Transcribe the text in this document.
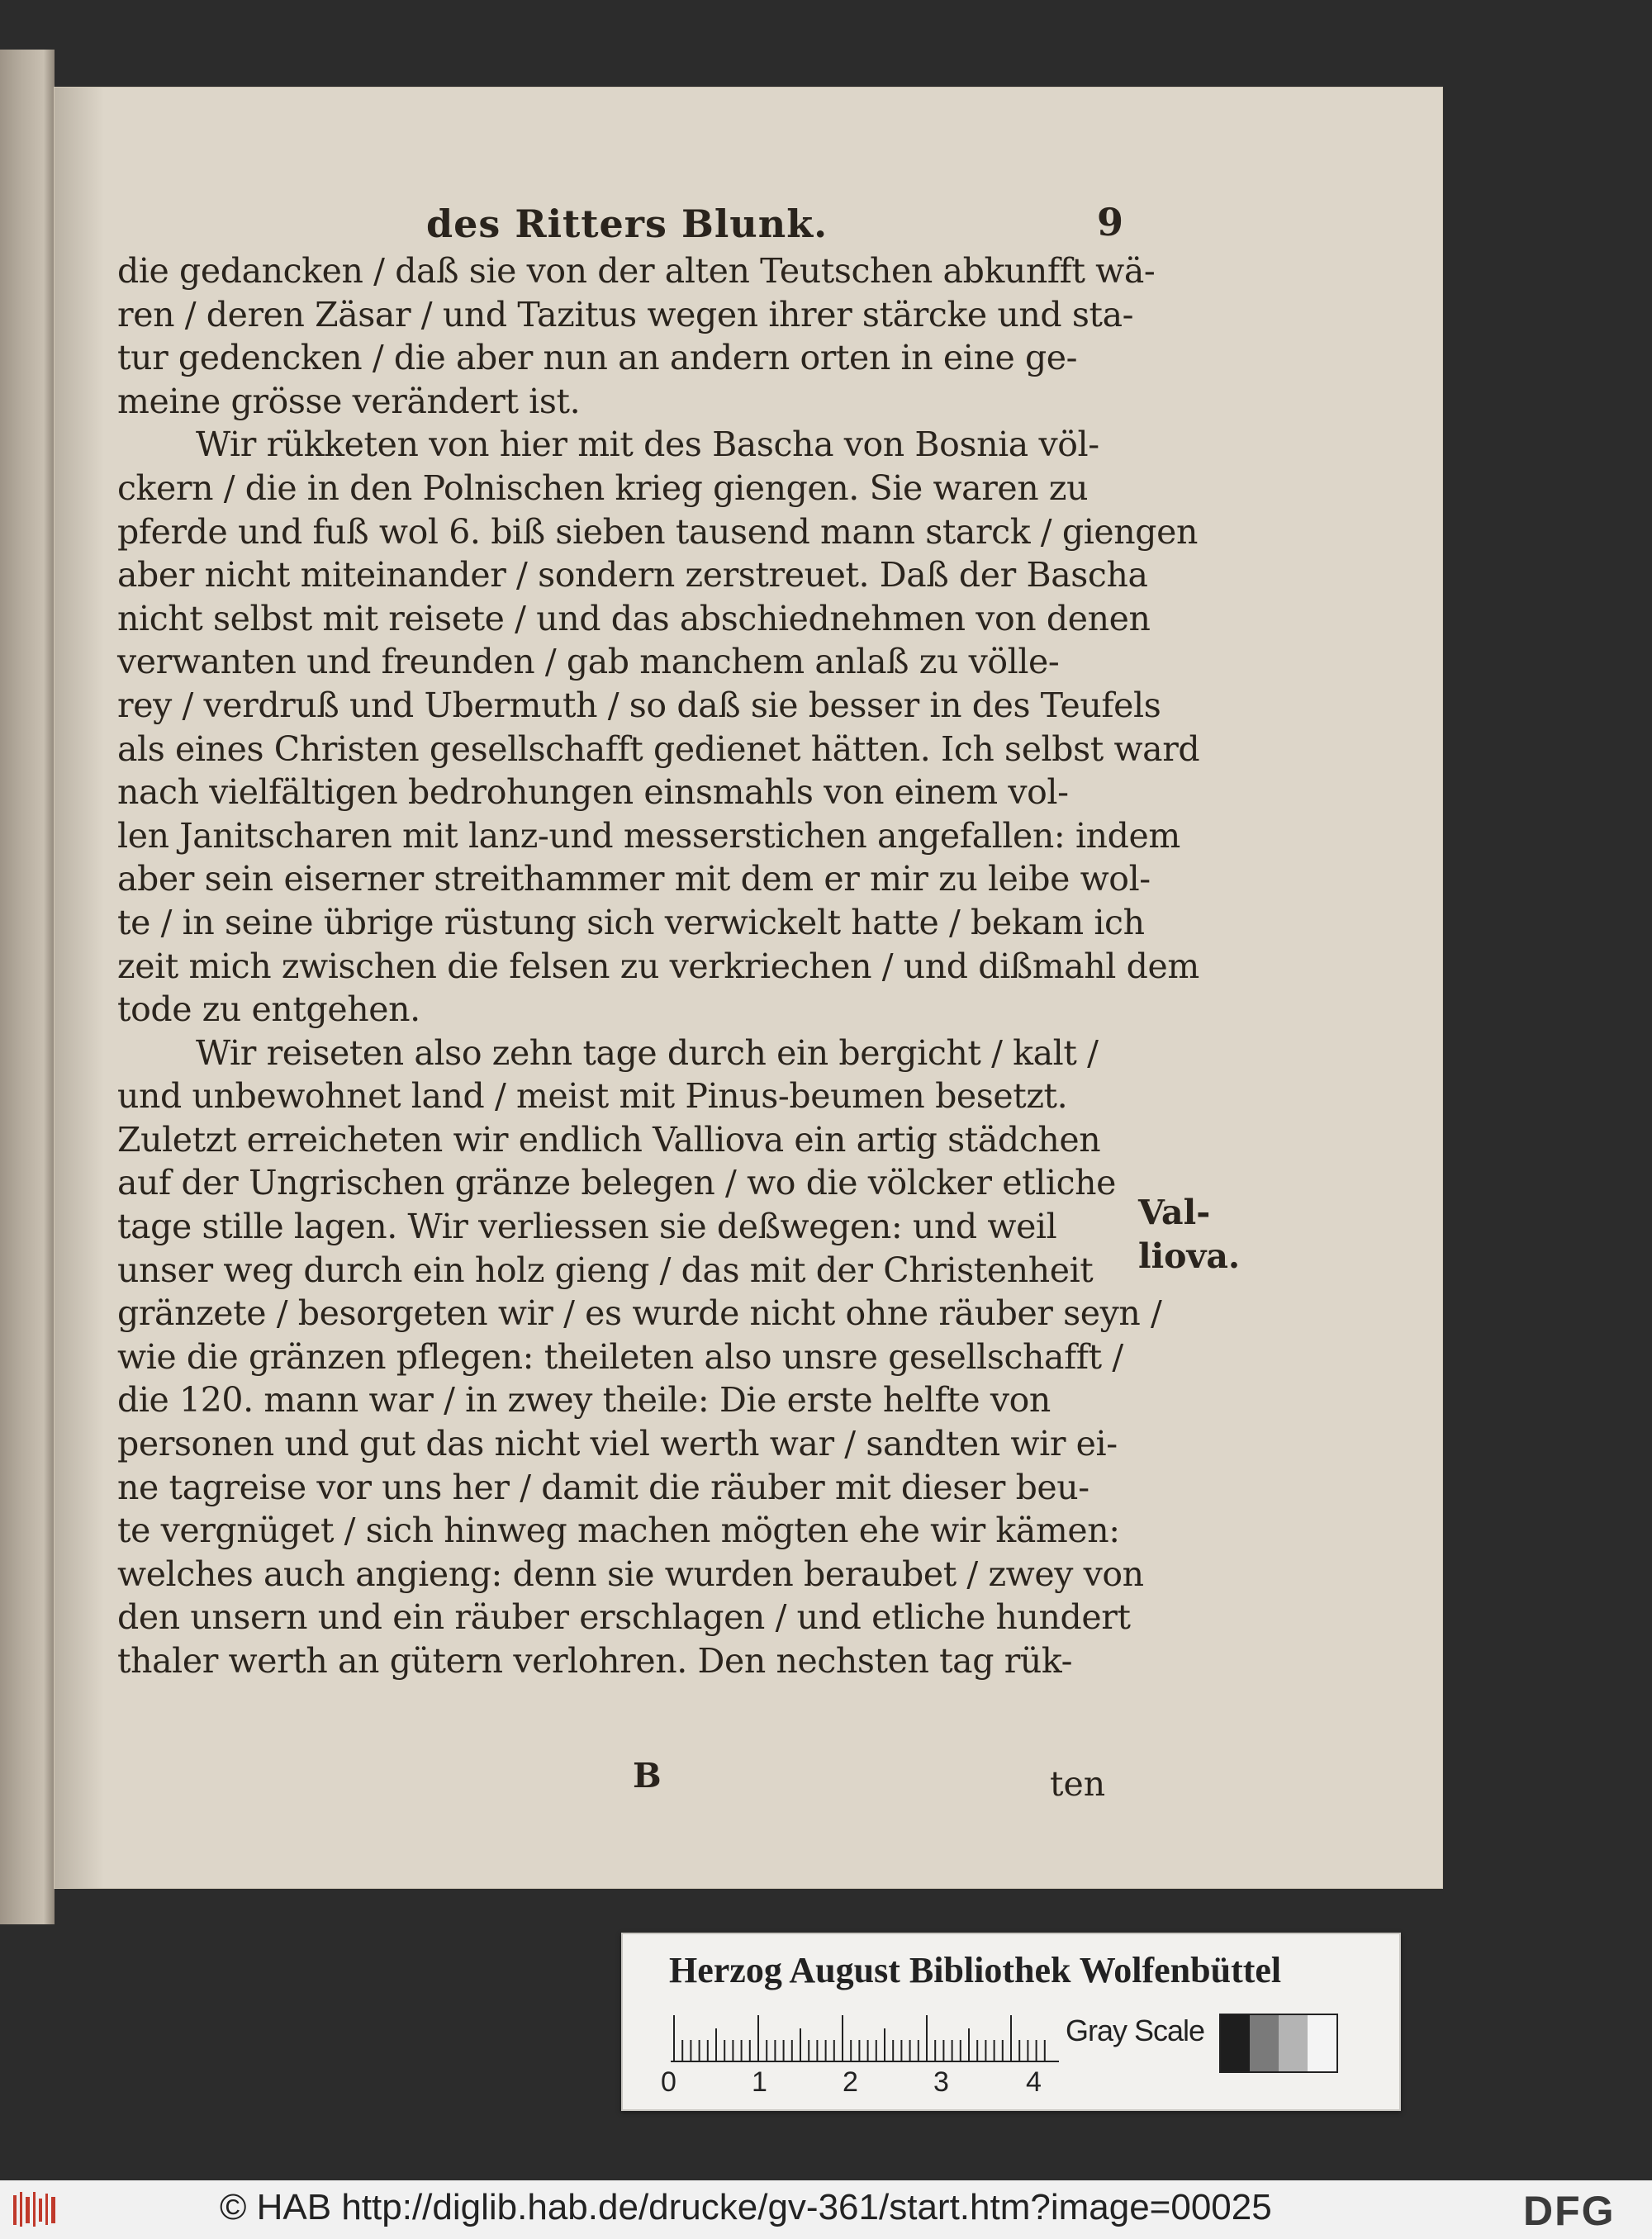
des Ritters Blunk.	9
die gedancken / daß sie von der alten Teutschen abkunfft wä-
ren / deren Zäsar / und Tazitus wegen ihrer stärcke und sta-
tur gedencken / die aber nun an andern orten in eine ge-
meine grösse verändert ist.
Wir rükketen von hier mit des Bascha von Bosnia völ-
ckern / die in den Polnischen krieg giengen. Sie waren zu
pferde und fuß wol 6. biß sieben tausend mann starck / giengen
aber nicht miteinander / sondern zerstreuet. Daß der Bascha
nicht selbst mit reisete / und das abschiednehmen von denen
verwanten und freunden / gab manchem anlaß zu völle-
rey / verdruß und Ubermuth / so daß sie besser in des Teufels
als eines Christen gesellschafft gedienet hätten. Ich selbst ward
nach vielfältigen bedrohungen einsmahls von einem vol-
len Janitscharen mit lanz-und messerstichen angefallen: indem
aber sein eiserner streithammer mit dem er mir zu leibe wol-
te / in seine übrige rüstung sich verwickelt hatte / bekam ich
zeit mich zwischen die felsen zu verkriechen / und dißmahl dem
tode zu entgehen.
Wir reiseten also zehn tage durch ein bergicht / kalt /
und unbewohnet land / meist mit Pinus-beumen besetzt.
Zuletzt erreicheten wir endlich Valliova ein artig städchen
auf der Ungrischen gränze belegen / wo die völcker etliche
tage stille lagen. Wir verliessen sie deßwegen: und weil
unser weg durch ein holz gieng / das mit der Christenheit
gränzete / besorgeten wir / es wurde nicht ohne räuber seyn /
wie die gränzen pflegen: theileten also unsre gesellschafft /
die 120. mann war / in zwey theile: Die erste helfte von
personen und gut das nicht viel werth war / sandten wir ei-
ne tagreise vor uns her / damit die räuber mit dieser beu-
te vergnüget / sich hinweg machen mögten ehe wir kämen:
welches auch angieng: denn sie wurden beraubet / zwey von
den unsern und ein räuber erschlagen / und etliche hundert
thaler werth an gütern verlohren. Den nechsten tag rük-
Val-
liova.
B	ten
Herzog August Bibliothek Wolfenbüttel
0	1	2	3	4
Gray Scale
© HAB http://diglib.hab.de/drucke/gv-361/start.htm?image=00025	DFG
